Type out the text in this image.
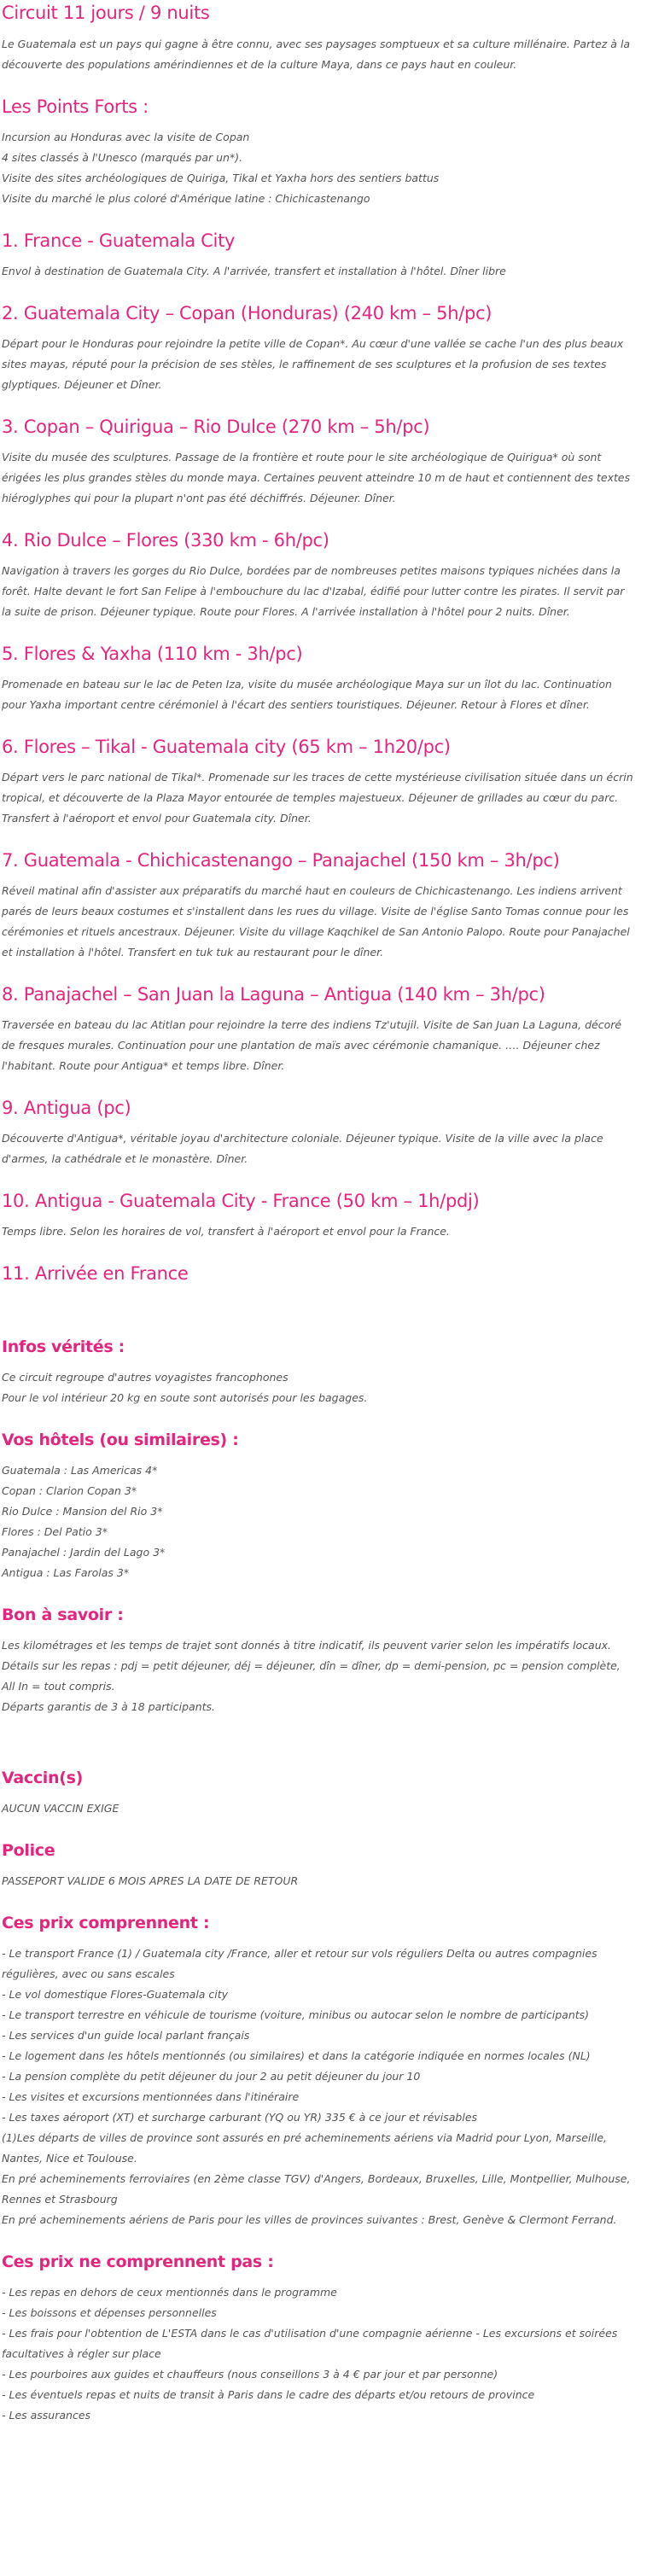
Circuit 11 jours / 9 nuits

Le Guatemala est un pays qui gagne à être connu, avec ses paysages somptueux et sa culture millénaire. Partez à la découverte des populations amérindiennes et de la culture Maya, dans ce pays haut en couleur.

Les Points Forts :

Incursion au Honduras avec la visite de Copan
4 sites classés à l'Unesco (marqués par un*).
Visite des sites archéologiques de Quiriga, Tikal et Yaxha hors des sentiers battus
Visite du marché le plus coloré d'Amérique latine : Chichicastenango

1. France - Guatemala City

Envol à destination de Guatemala City. A l'arrivée, transfert et installation à l'hôtel. Dîner libre

2. Guatemala City – Copan (Honduras) (240 km – 5h/pc)

Départ pour le Honduras pour rejoindre la petite ville de Copan*. Au cœur d'une vallée se cache l'un des plus beaux sites mayas, réputé pour la précision de ses stèles, le raffinement de ses sculptures et la profusion de ses textes glyptiques. Déjeuner et Dîner.

3. Copan – Quirigua – Rio Dulce (270 km – 5h/pc)

Visite du musée des sculptures. Passage de la frontière et route pour le site archéologique de Quirigua* où sont érigées les plus grandes stèles du monde maya. Certaines peuvent atteindre 10 m de haut et contiennent des textes hiéroglyphes qui pour la plupart n'ont pas été déchiffrés. Déjeuner. Dîner.

4. Rio Dulce – Flores (330 km - 6h/pc)

Navigation à travers les gorges du Rio Dulce, bordées par de nombreuses petites maisons typiques nichées dans la forêt. Halte devant le fort San Felipe à l'embouchure du lac d'Izabal, édifié pour lutter contre les pirates. Il servit par la suite de prison. Déjeuner typique. Route pour Flores. A l'arrivée installation à l'hôtel pour 2 nuits. Dîner.

5. Flores & Yaxha (110 km - 3h/pc)

Promenade en bateau sur le lac de Peten Iza, visite du musée archéologique Maya sur un îlot du lac. Continuation pour Yaxha important centre cérémoniel à l'écart des sentiers touristiques. Déjeuner. Retour à Flores et dîner.

6. Flores – Tikal - Guatemala city (65 km – 1h20/pc)

Départ vers le parc national de Tikal*. Promenade sur les traces de cette mystérieuse civilisation située dans un écrin tropical, et découverte de la Plaza Mayor entourée de temples majestueux. Déjeuner de grillades au cœur du parc. Transfert à l'aéroport et envol pour Guatemala city. Dîner.

7. Guatemala - Chichicastenango – Panajachel (150 km – 3h/pc)

Réveil matinal afin d'assister aux préparatifs du marché haut en couleurs de Chichicastenango. Les indiens arrivent parés de leurs beaux costumes et s'installent dans les rues du village. Visite de l'église Santo Tomas connue pour les cérémonies et rituels ancestraux. Déjeuner. Visite du village Kaqchikel de San Antonio Palopo. Route pour Panajachel et installation à l'hôtel. Transfert en tuk tuk au restaurant pour le dîner.

8. Panajachel – San Juan la Laguna – Antigua (140 km – 3h/pc)

Traversée en bateau du lac Atitlan pour rejoindre la terre des indiens Tz'utujil. Visite de San Juan La Laguna, décoré de fresques murales. Continuation pour une plantation de maïs avec cérémonie chamanique. …. Déjeuner chez l'habitant. Route pour Antigua* et temps libre. Dîner.

9. Antigua (pc)

Découverte d'Antigua*, véritable joyau d'architecture coloniale. Déjeuner typique. Visite de la ville avec la place d'armes, la cathédrale et le monastère. Dîner.

10. Antigua - Guatemala City - France (50 km – 1h/pdj)

Temps libre. Selon les horaires de vol, transfert à l'aéroport et envol pour la France.

11. Arrivée en France

Infos vérités :

Ce circuit regroupe d'autres voyagistes francophones
Pour le vol intérieur 20 kg en soute sont autorisés pour les bagages.

Vos hôtels (ou similaires) :

Guatemala : Las Americas 4*
Copan : Clarion Copan 3*
Rio Dulce : Mansion del Rio 3*
Flores : Del Patio 3*
Panajachel : Jardin del Lago 3*
Antigua : Las Farolas 3*

Bon à savoir :

Les kilométrages et les temps de trajet sont donnés à titre indicatif, ils peuvent varier selon les impératifs locaux.
Détails sur les repas : pdj = petit déjeuner, déj = déjeuner, dîn = dîner, dp = demi-pension, pc = pension complète, All In = tout compris.
Départs garantis de 3 à 18 participants.

Vaccin(s)

AUCUN VACCIN EXIGE

Police

PASSEPORT VALIDE 6 MOIS APRES LA DATE DE RETOUR

Ces prix comprennent :

- Le transport France (1) / Guatemala city /France, aller et retour sur vols réguliers Delta ou autres compagnies régulières, avec ou sans escales
- Le vol domestique Flores-Guatemala city
- Le transport terrestre en véhicule de tourisme (voiture, minibus ou autocar selon le nombre de participants)
- Les services d'un guide local parlant français
- Le logement dans les hôtels mentionnés (ou similaires) et dans la catégorie indiquée en normes locales (NL)
- La pension complète du petit déjeuner du jour 2 au petit déjeuner du jour 10
- Les visites et excursions mentionnées dans l'itinéraire
- Les taxes aéroport (XT) et surcharge carburant (YQ ou YR) 335 € à ce jour et révisables
(1)Les départs de villes de province sont assurés en pré acheminements aériens via Madrid pour Lyon, Marseille, Nantes, Nice et Toulouse.
En pré acheminements ferroviaires (en 2ème classe TGV) d'Angers, Bordeaux, Bruxelles, Lille, Montpellier, Mulhouse, Rennes et Strasbourg
En pré acheminements aériens de Paris pour les villes de provinces suivantes : Brest, Genève & Clermont Ferrand.

Ces prix ne comprennent pas :

- Les repas en dehors de ceux mentionnés dans le programme
- Les boissons et dépenses personnelles
- Les frais pour l'obtention de L'ESTA dans le cas d'utilisation d'une compagnie aérienne - Les excursions et soirées facultatives à régler sur place
- Les pourboires aux guides et chauffeurs (nous conseillons 3 à 4 € par jour et par personne)
- Les éventuels repas et nuits de transit à Paris dans le cadre des départs et/ou retours de province
- Les assurances
